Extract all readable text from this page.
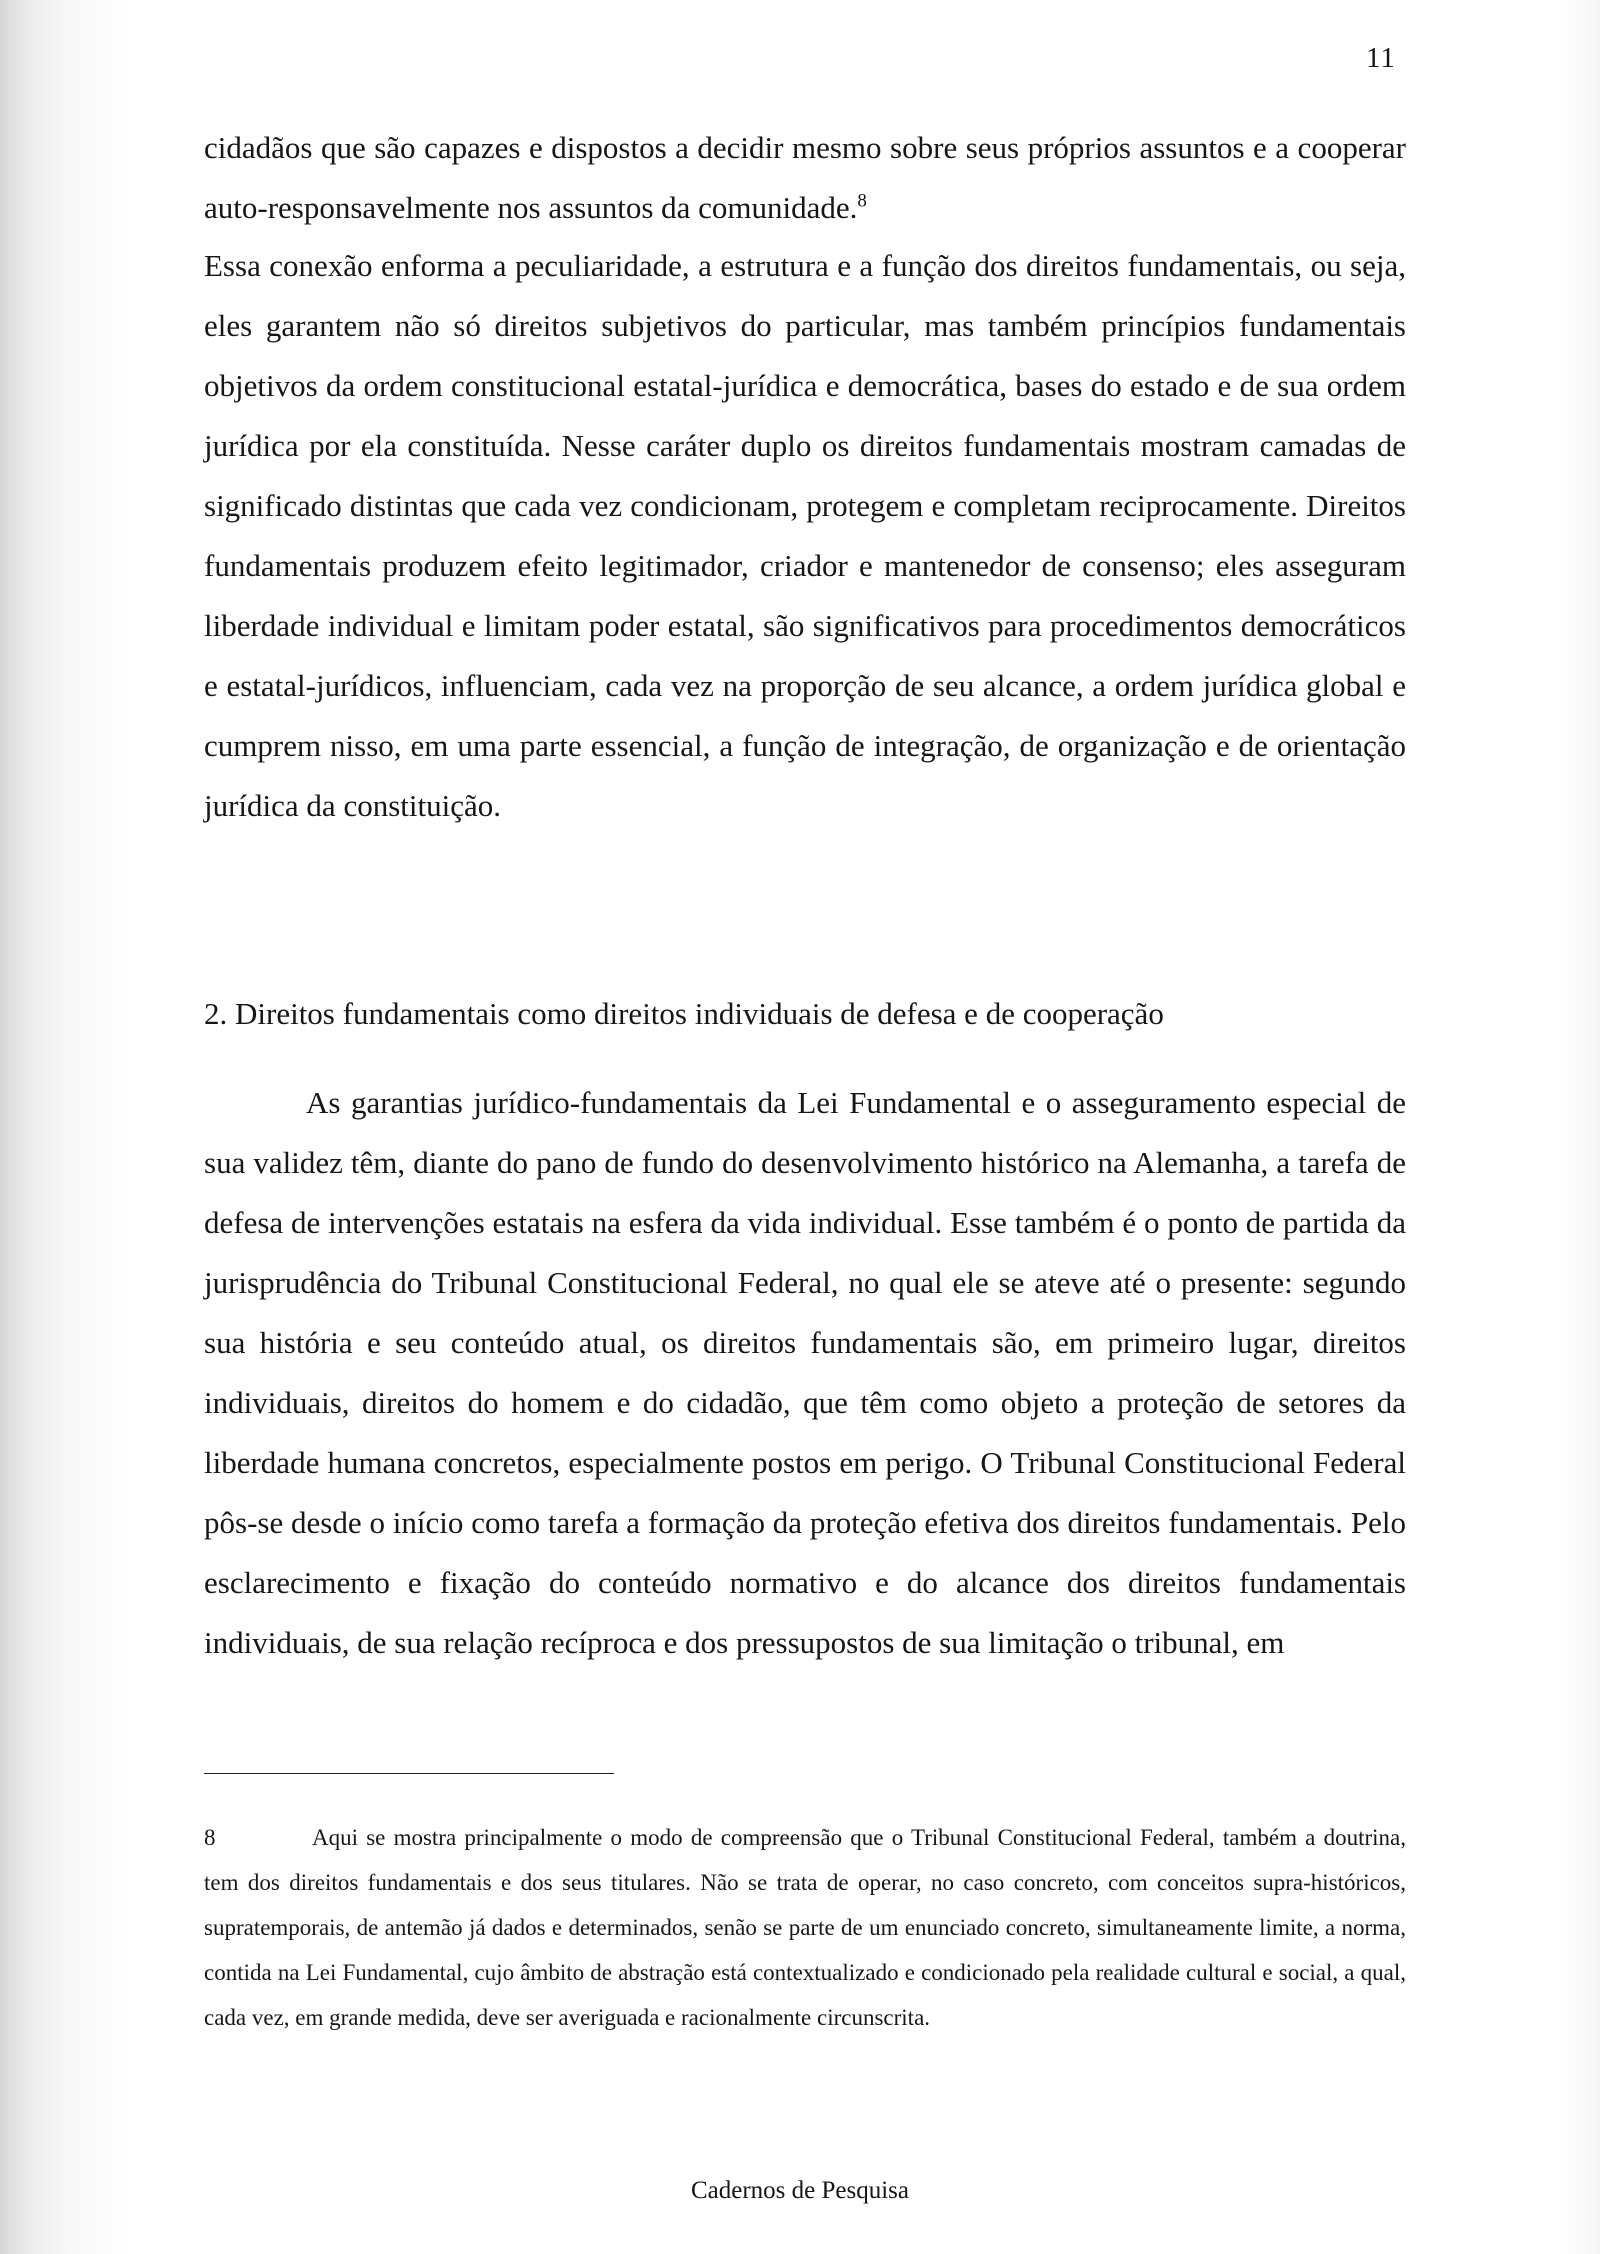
11

cidadãos que são capazes e dispostos a decidir mesmo sobre seus próprios assuntos e a cooperar auto-responsavelmente nos assuntos da comunidade.$^8$

Essa conexão enforma a peculiaridade, a estrutura e a função dos direitos fundamentais, ou seja, eles garantem não só direitos subjetivos do particular, mas também princípios fundamentais objetivos da ordem constitucional estatal-jurídica e democrática, bases do estado e de sua ordem jurídica por ela constituída. Nesse caráter duplo os direitos fundamentais mostram camadas de significado distintas que cada vez condicionam, protegem e completam reciprocamente. Direitos fundamentais produzem efeito legitimador, criador e mantenedor de consenso; eles asseguram liberdade individual e limitam poder estatal, são significativos para procedimentos democráticos e estatal-jurídicos, influenciam, cada vez na proporção de seu alcance, a ordem jurídica global e cumprem nisso, em uma parte essencial, a função de integração, de organização e de orientação jurídica da constituição.

2. Direitos fundamentais como direitos individuais de defesa e de cooperação

As garantias jurídico-fundamentais da Lei Fundamental e o asseguramento especial de sua validez têm, diante do pano de fundo do desenvolvimento histórico na Alemanha, a tarefa de defesa de intervenções estatais na esfera da vida individual. Esse também é o ponto de partida da jurisprudência do Tribunal Constitucional Federal, no qual ele se ateve até o presente: segundo sua história e seu conteúdo atual, os direitos fundamentais são, em primeiro lugar, direitos individuais, direitos do homem e do cidadão, que têm como objeto a proteção de setores da liberdade humana concretos, especialmente postos em perigo. O Tribunal Constitucional Federal pôs-se desde o início como tarefa a formação da proteção efetiva dos direitos fundamentais. Pelo esclarecimento e fixação do conteúdo normativo e do alcance dos direitos fundamentais individuais, de sua relação recíproca e dos pressupostos de sua limitação o tribunal, em

8	Aqui se mostra principalmente o modo de compreensão que o Tribunal Constitucional Federal, também a doutrina, tem dos direitos fundamentais e dos seus titulares. Não se trata de operar, no caso concreto, com conceitos supra-históricos, supratemporais, de antemão já dados e determinados, senão se parte de um enunciado concreto, simultaneamente limite, a norma, contida na Lei Fundamental, cujo âmbito de abstração está contextualizado e condicionado pela realidade cultural e social, a qual, cada vez, em grande medida, deve ser averiguada e racionalmente circunscrita.

Cadernos de Pesquisa
